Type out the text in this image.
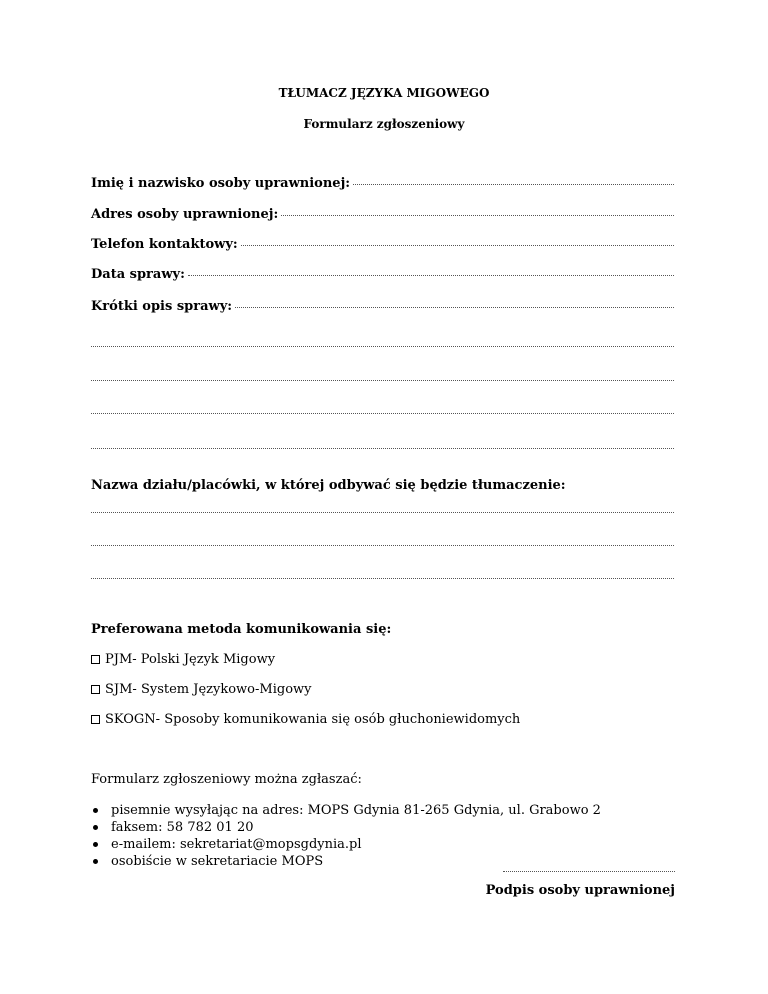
TŁUMACZ JĘZYKA MIGOWEGO
Formularz zgłoszeniowy
Imię i nazwisko osoby uprawnionej:
Adres osoby uprawnionej:
Telefon kontaktowy:
Data sprawy:
Krótki opis sprawy:
Nazwa działu/placówki, w której odbywać się będzie tłumaczenie:
Preferowana metoda komunikowania się:
PJM- Polski Język Migowy
SJM- System Językowo-Migowy
SKOGN- Sposoby komunikowania się osób głuchoniewidomych
Formularz zgłoszeniowy można zgłaszać:
pisemnie wysyłając na adres: MOPS Gdynia 81-265 Gdynia, ul. Grabowo 2
faksem: 58 782 01 20
e-mailem: sekretariat@mopsgdynia.pl
osobiście w sekretariacie MOPS
Podpis osoby uprawnionej
